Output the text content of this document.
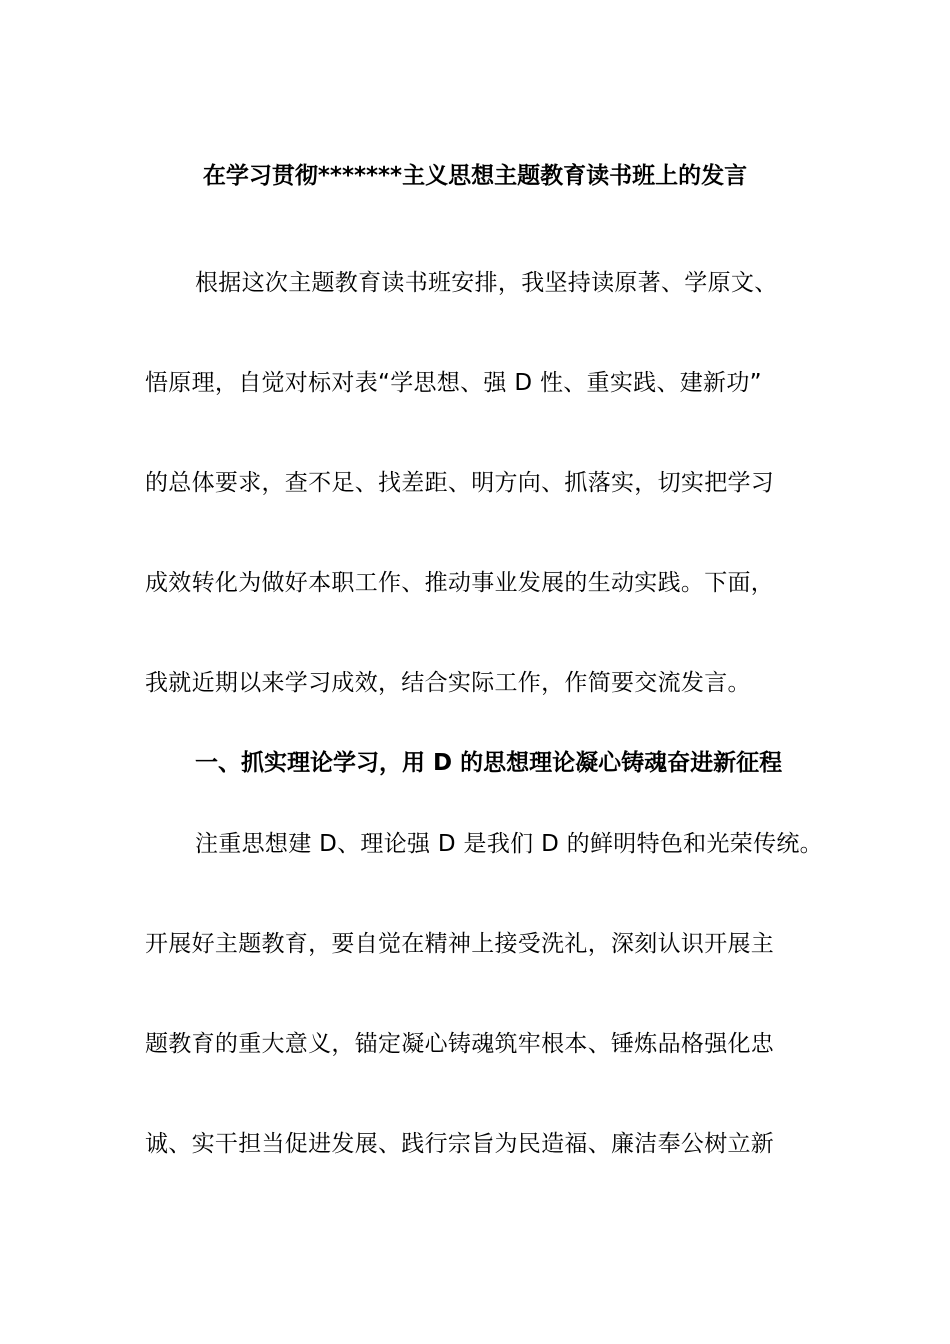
在学习贯彻*******主义思想主题教育读书班上的发言
根据这次主题教育读书班安排，我坚持读原著、学原文、
悟原理，自觉对标对表“学思想、强 D 性、重实践、建新功”
的总体要求，查不足、找差距、明方向、抓落实，切实把学习
成效转化为做好本职工作、推动事业发展的生动实践。下面，
我就近期以来学习成效，结合实际工作，作简要交流发言。
一、抓实理论学习，用 D 的思想理论凝心铸魂奋进新征程
注重思想建 D、理论强 D 是我们 D 的鲜明特色和光荣传统。
开展好主题教育，要自觉在精神上接受洗礼，深刻认识开展主
题教育的重大意义，锚定凝心铸魂筑牢根本、锤炼品格强化忠
诚、实干担当促进发展、践行宗旨为民造福、廉洁奉公树立新
